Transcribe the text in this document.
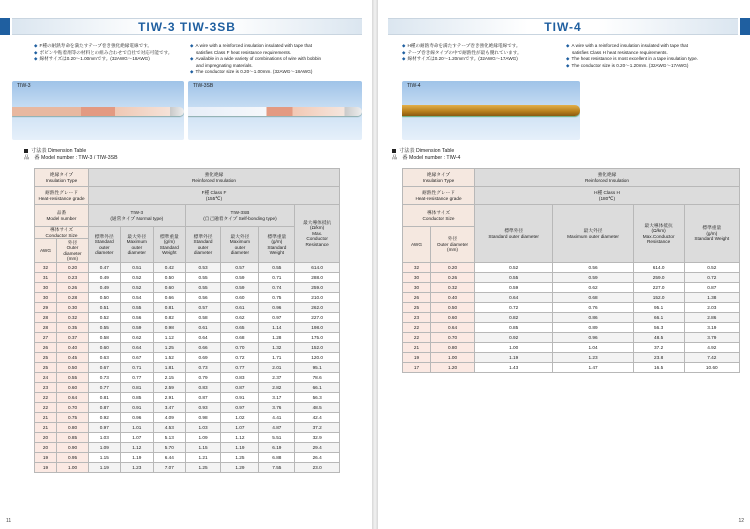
TIW-3 TIW-3SB
◆ F種の耐熱寿命を満たすテープ巻き強化絶縁電線です。
◆ ボビンや粘着剤等の材料との組み合わせで自社で対応可能です。
◆ 線材サイズは0.20～1.00mmです。(32AWG～18AWG)
◆ A wire with a reinforced insulation insulated with tape that
satisfies Class F heat resistance requirements.
◆ Available in a wide variety of combinations of wire with bobbin
and impregnating materials.
◆ The conductor size is 0.20～1.00mm. (32AWG～18AWG)
TIW-3	TIW-3SB
寸法表 Dimension Table
品　番 Model number : TIW-3 / TIW-3SB
絶縁タイプ
Insulation Type		強化絶縁
Reinforced Insulation						
耐熱性グレード
Heat-resistance grade		F種 Class F
(155℃)						
品番
Model number		TIW-3
(通常タイプ Normal type)			TIW-3SB
(自己融着タイプ Self-bonding type)			最大導体抵抗
(Ω/km)
Max.
Conductor
Resistance
導体サイズ
Conductor Size		標準外径
Standard
outer
diameter	最大外径
Maximum
outer
diameter	標準重量
(g/m)
Standard
Weight	標準外径
Standard
outer
diameter	最大外径
Maximum
outer
diameter	標準重量
(g/m)
Standard
Weight	
AWG	外径
Outer
diameter
(mm)							
32	0.20	0.47	0.51	0.42	0.53	0.57	0.55	614.0
31	0.23	0.49	0.52	0.50	0.55	0.59	0.71	288.0
30	0.26	0.49	0.52	0.60	0.55	0.59	0.74	259.0
30	0.28	0.50	0.54	0.66	0.56	0.60	0.75	210.0
29	0.30	0.51	0.55	0.81	0.57	0.61	0.96	262.0
28	0.32	0.52	0.56	0.82	0.58	0.62	0.97	227.0
28	0.35	0.55	0.59	0.98	0.61	0.65	1.14	198.0
27	0.37	0.58	0.62	1.12	0.64	0.68	1.28	175.0
26	0.40	0.60	0.64	1.25	0.66	0.70	1.32	152.0
25	0.45	0.63	0.67	1.52	0.69	0.72	1.71	120.0
25	0.50	0.67	0.71	1.81	0.73	0.77	2.01	95.1
24	0.55	0.73	0.77	2.15	0.79	0.83	2.37	78.6
23	0.60	0.77	0.81	2.59	0.83	0.87	2.82	66.1
22	0.64	0.81	0.85	2.91	0.87	0.91	3.17	56.3
22	0.70	0.87	0.91	3.47	0.93	0.97	3.76	48.5
21	0.75	0.92	0.96	4.09	0.98	1.02	4.41	42.4
21	0.80	0.97	1.01	4.53	1.03	1.07	4.87	37.2
20	0.85	1.03	1.07	5.13	1.09	1.12	5.51	32.9
20	0.90	1.09	1.12	5.70	1.15	1.19	6.19	29.4
19	0.95	1.15	1.19	6.44	1.21	1.25	6.88	26.4
19	1.00	1.19	1.23	7.07	1.25	1.29	7.55	23.0
11
TIW-4
◆ H種の耐熱寿命を満たすテープ巻き強化絶縁電線です。
◆ テープ巻き線タイプの中で耐熱性が最も優れています。
◆ 線材サイズは0.20～1.20mmです。(32AWG～17AWG)
◆ A wire with a reinforced insulation insulated with tape that
satisfies Class H heat resistance requirements.
◆ The heat resistance is most excellent in a tape insulation type.
◆ The conductor size is 0.20～1.20mm. (32AWG～17AWG)
TIW-4
寸法表 Dimension Table
品　番 Model number : TIW-4
絶縁タイプ
Insulation Type		強化絶縁
Reinforced Insulation			
耐熱性グレード
Heat-resistance grade		H種 Class H
(180℃)			
導体サイズ
Conductor Size		標準外径
Standard outer diameter	最大外径
Maximum outer diameter	最大導体抵抗
(Ω/km)
Max.Conductor
Resistance	標準重量
(g/m)
Standard Weight
AWG	外径
Outer diameter
(mm)				
32	0.20	0.52	0.56	614.0	0.52
30	0.26	0.55	0.59	259.0	0.72
30	0.32	0.59	0.62	227.0	0.87
26	0.40	0.64	0.68	152.0	1.38
25	0.50	0.72	0.76	95.1	2.03
23	0.60	0.82	0.86	66.1	2.86
22	0.64	0.85	0.89	56.3	3.19
22	0.70	0.92	0.96	48.5	3.79
21	0.80	1.00	1.04	37.2	4.92
19	1.00	1.19	1.23	23.8	7.42
17	1.20	1.43	1.47	16.5	10.60
12
